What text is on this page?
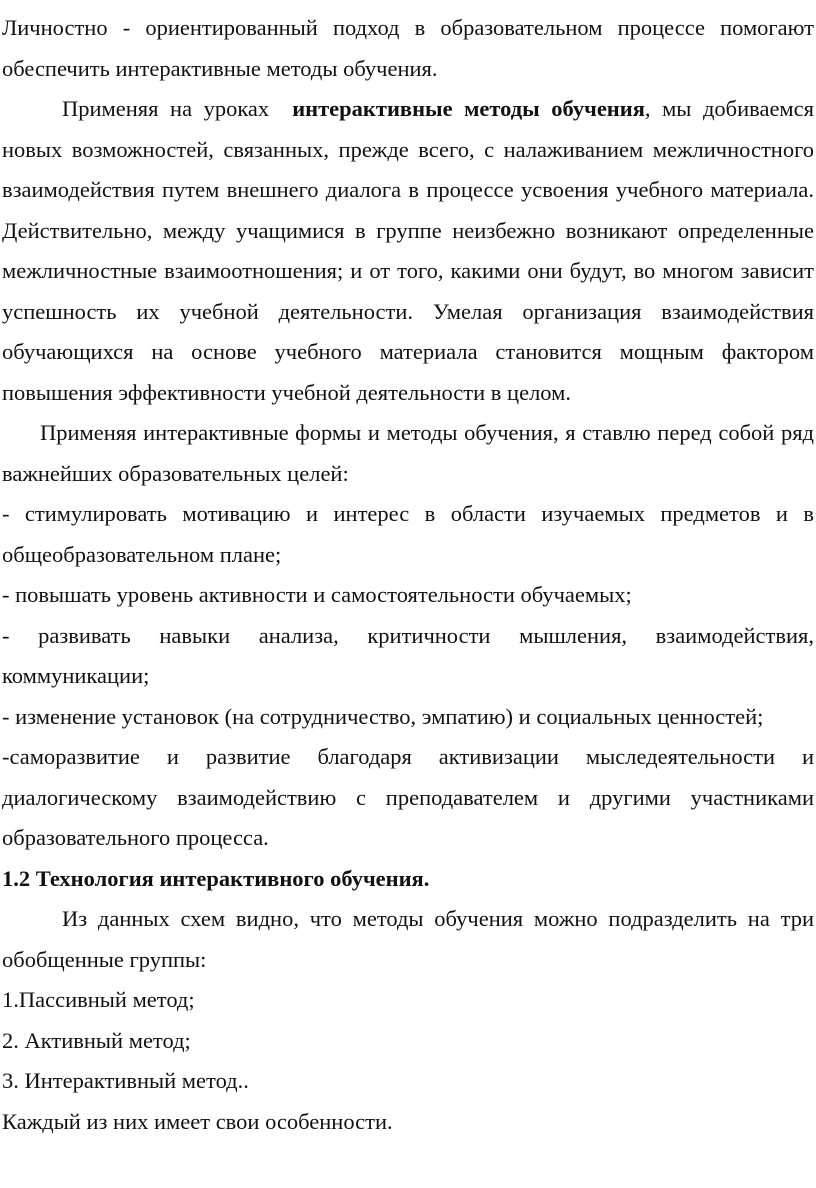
Личностно - ориентированный подход в образовательном процессе помогают обеспечить интерактивные методы обучения.

Применяя на уроках  интерактивные методы обучения, мы добиваемся новых возможностей, связанных, прежде всего, с налаживанием межличностного взаимодействия путем внешнего диалога в процессе усвоения учебного материала. Действительно, между учащимися в группе неизбежно возникают определенные межличностные взаимоотношения; и от того, какими они будут, во многом зависит успешность их учебной деятельности. Умелая организация взаимодействия обучающихся на основе учебного материала становится мощным фактором повышения эффективности учебной деятельности в целом.

Применяя интерактивные формы и методы обучения, я ставлю перед собой ряд важнейших образовательных целей:

- стимулировать мотивацию и интерес в области изучаемых предметов и в общеобразовательном плане;

- повышать уровень активности и самостоятельности обучаемых;

- развивать навыки анализа, критичности мышления, взаимодействия, коммуникации;

- изменение установок (на сотрудничество, эмпатию) и социальных ценностей;

-саморазвитие и развитие благодаря активизации мыследеятельности и диалогическому взаимодействию с преподавателем и другими участниками образовательного процесса.

1.2 Технология интерактивного обучения.

Из данных схем видно, что методы обучения можно подразделить на три обобщенные группы:

1.Пассивный метод;

2. Активный метод;

3. Интерактивный метод..

Каждый из них имеет свои особенности.
